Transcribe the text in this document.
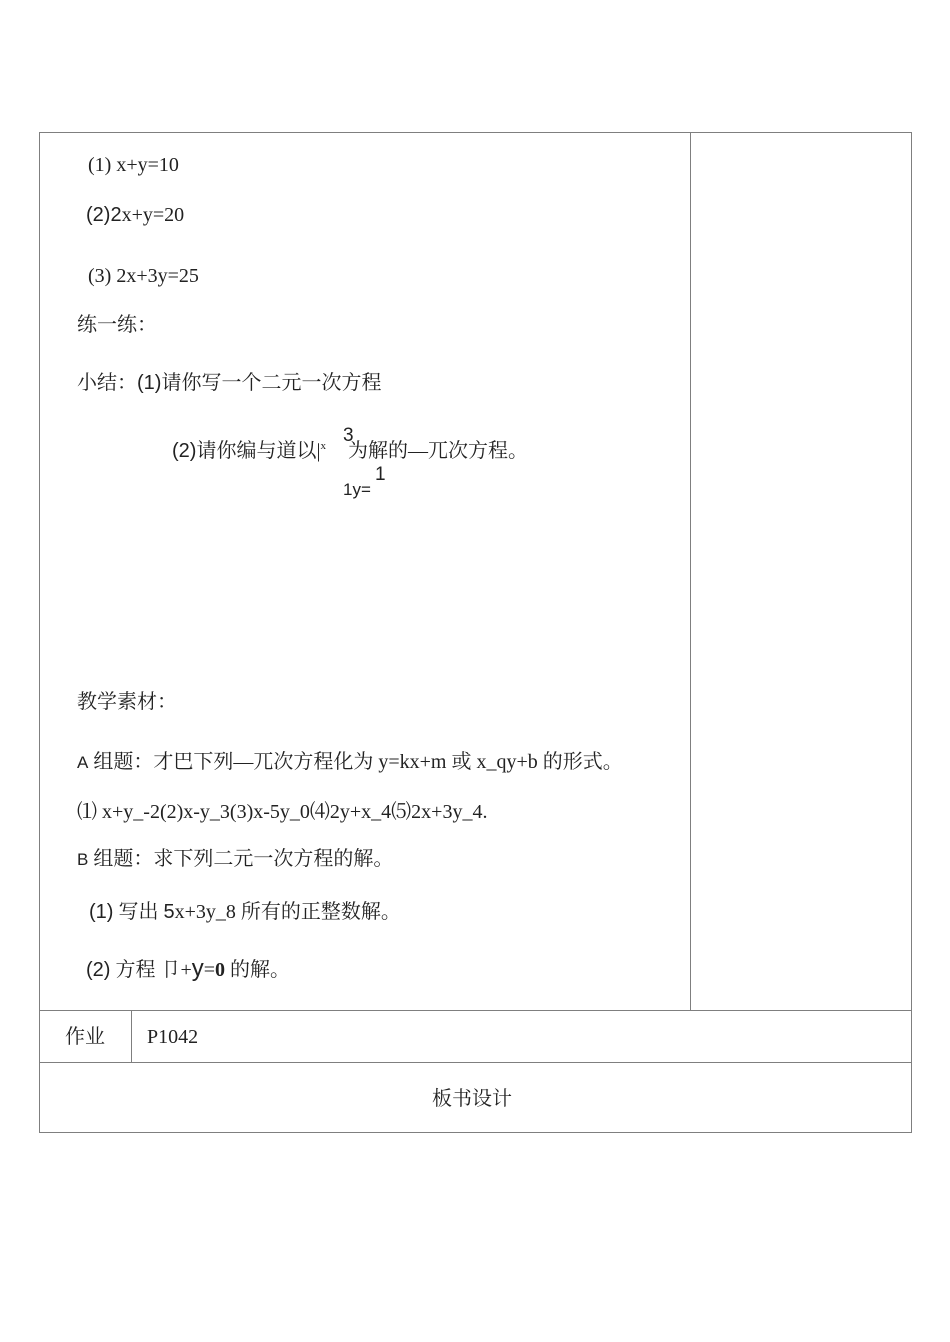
(1) x+y=10
(2)2x+y=20
(3) 2x+3y=25
练一练：
小结：(1)请你写一个二元一次方程
(2)请你编与道以$|^x$ 为解的—兀次方程。
3
1y=
1
教学素材：
A 组题：才巴下列—兀次方程化为 y=kx+m 或 x_qy+b 的形式。
⑴ x+y_-2(2)x-y_3(3)x-5y_0⑷2y+x_4⑸2x+3y_4.
B 组题：求下列二元一次方程的解。
(1) 写出 5x+3y_8 所有的正整数解。
(2) 方程 卩+y=0 的解。
作业 P1042
板书设计
